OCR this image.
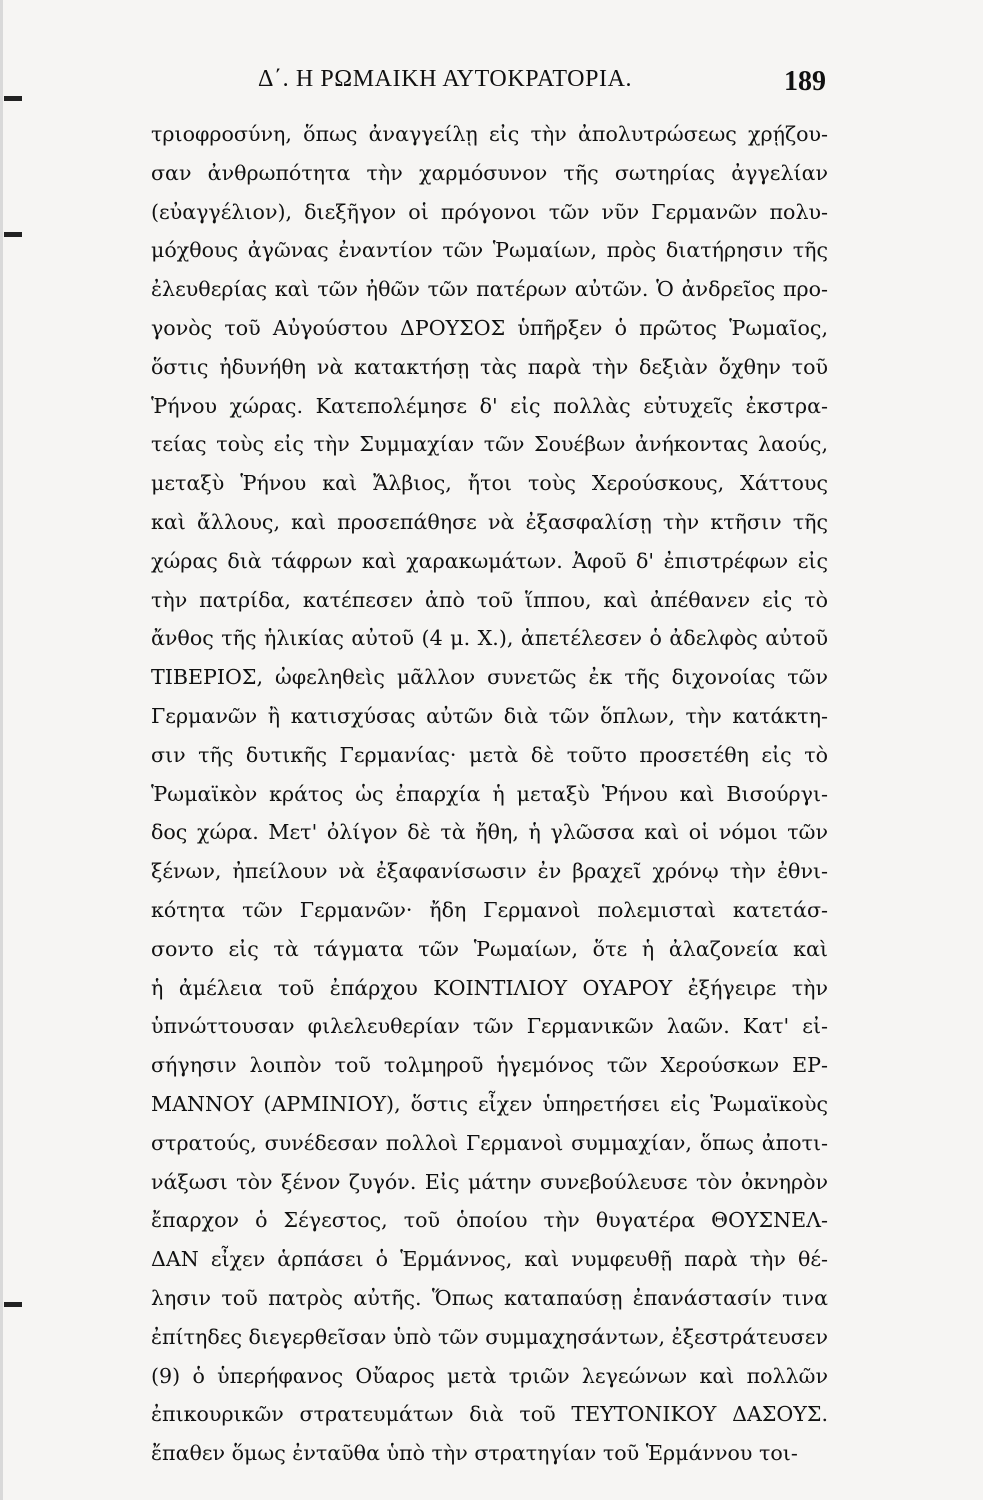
Δ΄. Η ΡΩΜΑΙΚΗ ΑΥΤΟΚΡΑΤΟΡΙΑ.	189
τριοφροσύνη, ὅπως ἀναγγείλῃ εἰς τὴν ἀπολυτρώσεως χρῄζου-
σαν ἀνθρωπότητα τὴν χαρμόσυνον τῆς σωτηρίας ἀγγελίαν
(εὐαγγέλιον), διεξῆγον οἱ πρόγονοι τῶν νῦν Γερμανῶν πολυ-
μόχθους ἀγῶνας ἐναντίον τῶν Ῥωμαίων, πρὸς διατήρησιν τῆς
ἐλευθερίας καὶ τῶν ἠθῶν τῶν πατέρων αὐτῶν. Ὁ ἀνδρεῖος προ-
γονὸς τοῦ Αὐγούστου ΔΡΟΥΣΟΣ ὑπῆρξεν ὁ πρῶτος Ῥωμαῖος,
ὅστις ἠδυνήθη νὰ κατακτήσῃ τὰς παρὰ τὴν δεξιὰν ὄχθην τοῦ
Ῥήνου χώρας. Κατεπολέμησε δ' εἰς πολλὰς εὐτυχεῖς ἐκστρα-
τείας τοὺς εἰς τὴν Συμμαχίαν τῶν Σουέβων ἀνήκοντας λαούς,
μεταξὺ Ῥήνου καὶ Ἄλβιος, ἤτοι τοὺς Χερούσκους, Χάττους
καὶ ἄλλους, καὶ προσεπάθησε νὰ ἐξασφαλίσῃ τὴν κτῆσιν τῆς
χώρας διὰ τάφρων καὶ χαρακωμάτων. Ἀφοῦ δ' ἐπιστρέφων εἰς
τὴν πατρίδα, κατέπεσεν ἀπὸ τοῦ ἵππου, καὶ ἀπέθανεν εἰς τὸ
ἄνθος τῆς ἡλικίας αὐτοῦ (4 μ. Χ.), ἀπετέλεσεν ὁ ἀδελφὸς αὐτοῦ
ΤΙΒΕΡΙΟΣ, ὠφεληθεὶς μᾶλλον συνετῶς ἐκ τῆς διχονοίας τῶν
Γερμανῶν ἢ κατισχύσας αὐτῶν διὰ τῶν ὅπλων, τὴν κατάκτη-
σιν τῆς δυτικῆς Γερμανίας· μετὰ δὲ τοῦτο προσετέθη εἰς τὸ
Ῥωμαϊκὸν κράτος ὡς ἐπαρχία ἡ μεταξὺ Ῥήνου καὶ Βισούργι-
δος χώρα. Μετ' ὀλίγον δὲ τὰ ἤθη, ἡ γλῶσσα καὶ οἱ νόμοι τῶν
ξένων, ἠπείλουν νὰ ἐξαφανίσωσιν ἐν βραχεῖ χρόνῳ τὴν ἐθνι-
κότητα τῶν Γερμανῶν· ἤδη Γερμανοὶ πολεμισταὶ κατετάσ-
σοντο εἰς τὰ τάγματα τῶν Ῥωμαίων, ὅτε ἡ ἀλαζονεία καὶ
ἡ ἀμέλεια τοῦ ἐπάρχου ΚΟΙΝΤΙΛΙΟΥ ΟΥΑΡΟΥ ἐξήγειρε τὴν
ὑπνώττουσαν φιλελευθερίαν τῶν Γερμανικῶν λαῶν. Κατ' εἰ-
σήγησιν λοιπὸν τοῦ τολμηροῦ ἡγεμόνος τῶν Χερούσκων ΕΡ-
ΜΑΝΝΟΥ (ΑΡΜΙΝΙΟΥ), ὅστις εἶχεν ὑπηρετήσει εἰς Ῥωμαϊκοὺς
στρατούς, συνέδεσαν πολλοὶ Γερμανοὶ συμμαχίαν, ὅπως ἀποτι-
νάξωσι τὸν ξένον ζυγόν. Εἰς μάτην συνεβούλευσε τὸν ὀκνηρὸν
ἔπαρχον ὁ Σέγεστος, τοῦ ὁποίου τὴν θυγατέρα ΘΟΥΣΝΕΛ-
ΔΑΝ εἶχεν ἁρπάσει ὁ Ἑρμάννος, καὶ νυμφευθῇ παρὰ τὴν θέ-
λησιν τοῦ πατρὸς αὐτῆς. Ὅπως καταπαύσῃ ἐπανάστασίν τινα
ἐπίτηδες διεγερθεῖσαν ὑπὸ τῶν συμμαχησάντων, ἐξεστράτευσεν
(9) ὁ ὑπερήφανος Οὔαρος μετὰ τριῶν λεγεώνων καὶ πολλῶν
ἐπικουρικῶν στρατευμάτων διὰ τοῦ ΤΕΥΤΟΝΙΚΟΥ ΔΑΣΟΥΣ.
ἔπαθεν ὅμως ἐνταῦθα ὑπὸ τὴν στρατηγίαν τοῦ Ἑρμάννου τοι-
